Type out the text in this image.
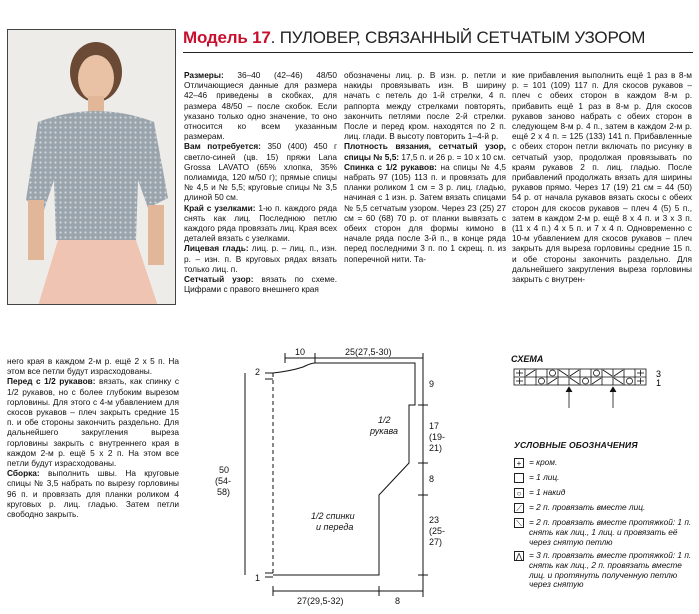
Модель 17. ПУЛОВЕР, СВЯЗАННЫЙ СЕТЧАТЫМ УЗОРОМ

Размеры: 36–40 (42–46) 48/50 Отличающиеся данные для размера 42–46 приведены в скобках, для размера 48/50 – после скобок. Если указано только одно значение, то оно относится ко всем указанным размерам.

Вам потребуется: 350 (400) 450 г светло-синей (цв. 15) пряжи Lana Grossa LAVATO (65% хлопка, 35% полиамида, 120 м/50 г); прямые спицы № 4,5 и № 5,5; круговые спицы № 3,5 длиной 50 см.

Край с узелками: 1-ю п. каждого ряда снять как лиц. Последнюю петлю каждого ряда провязать лиц. Края всех деталей вязать с узелками.

Лицевая гладь: лиц. р. – лиц. п., изн. р. – изн. п. В круговых рядах вязать только лиц. п.

Сетчатый узор: вязать по схеме. Цифрами с правого внешнего края

обозначены лиц. р. В изн. р. петли и накиды провязывать изн. В ширину начать с петель до 1-й стрелки, 4 п. раппорта между стрелками повторять, закончить петлями после 2-й стрелки. После и перед кром. находятся по 2 п. лиц. глади. В высоту повторить 1–4-й р.

Плотность вязания, сетчатый узор, спицы № 5,5: 17,5 п. и 26 р. = 10 x 10 см.

Спинка с 1/2 рукавов: на спицы № 4,5 набрать 97 (105) 113 п. и провязать для планки роликом 1 см = 3 р. лиц. гладью, начиная с 1 изн. р. Затем вязать спицами № 5,5 сетчатым узором. Через 23 (25) 27 см = 60 (68) 70 р. от планки вывязать с обеих сторон для формы кимоно в начале ряда после 3-й п., в конце ряда перед последними 3 п. по 1 скрещ. п. из поперечной нити. Та-

кие прибавления выполнить ещё 1 раз в 8-м р. = 101 (109) 117 п. Для скосов рукавов – плеч с обеих сторон в каждом 8-м р. прибавить ещё 1 раз в 8-м р. Для скосов рукавов заново набрать с обеих сторон в следующем 8-м р. 4 п., затем в каждом 2-м р. ещё 2 х 4 п. = 125 (133) 141 п. Прибавленные с обеих сторон петли включать по рисунку в сетчатый узор, продолжая провязывать по краям рукавов 2 п. лиц. гладью. После прибавлений продолжать вязать для ширины рукавов прямо. Через 17 (19) 21 см = 44 (50) 54 р. от начала рукавов вязать скосы с обеих сторон для скосов рукавов – плеч 4 (5) 5 п., затем в каждом 2-м р. ещё 8 х 4 п. и 3 х 3 п. (11 х 4 п.) 4 х 5 п. и 7 х 4 п. Одновременно с 10-м убавлением для скосов рукавов – плеч закрыть для выреза горловины средние 15 п. и обе стороны закончить раздельно. Для дальнейшего закругления выреза горловины закрыть с внутрен-

него края в каждом 2-м р. ещё 2 х 5 п. На этом все петли будут израсходованы.

Перед с 1/2 рукавов: вязать, как спинку с 1/2 рукавов, но с более глубоким вырезом горловины. Для этого с 4-м убавлением для скосов рукавов – плеч закрыть средние 15 п. и обе стороны закончить раздельно. Для дальнейшего закругления выреза горловины закрыть с внутреннего края в каждом 2-м р. ещё 5 х 2 п. На этом все петли будут израсходованы.

Сборка: выполнить швы. На круговые спицы № 3,5 набрать по вырезу горловины 96 п. и провязать для планки роликом 4 круговых р. лиц. гладью. Затем петли свободно закрыть.

10	25(27,5-30)
2
1
9
17
(19-
21)
8
23
(25-
27)
50
(54-
58)
27(29,5-32)	8
1/2
рукава
1/2 спинки
и переда
СХЕМА
3
1
УСЛОВНЫЕ ОБОЗНАЧЕНИЯ
+ = кром.
= 1 лиц.
○ = 1 накид
⟋ = 2 п. провязать вместе лиц.
⟍ = 2 п. провязать вместе протяжкой: 1 п. снять как лиц., 1 лиц. и провязать её через снятую петлю
⋀ = 3 п. провязать вместе протяжкой: 1 п. снять как лиц., 2 п. провязать вместе лиц. и протянуть полученную петлю через снятую
